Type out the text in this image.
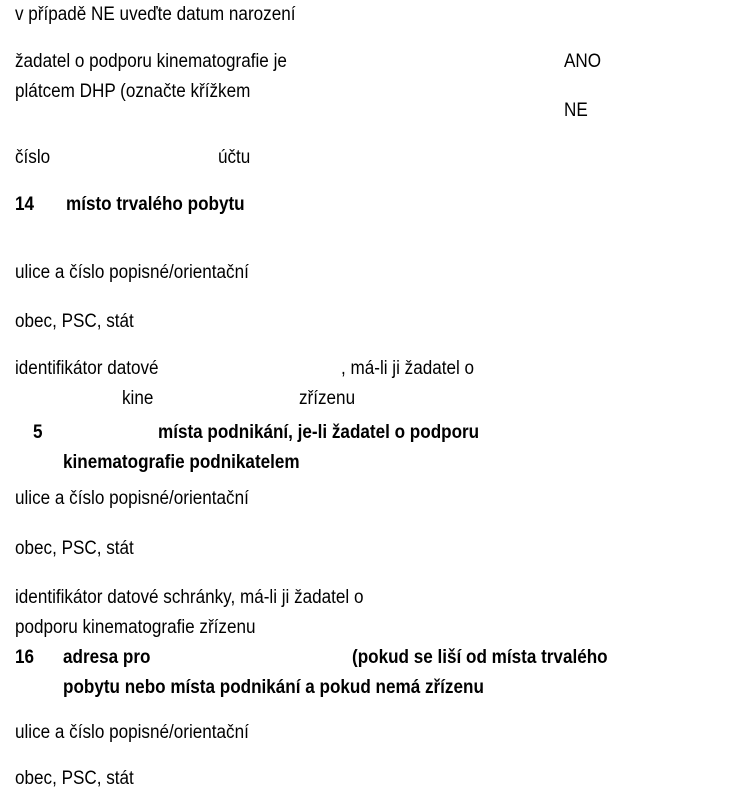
v případě NE uveďte datum narození
žadatel o podporu kinematografie je
plátcem DHP (označte křížkem
ANO
NE
číslo	účtu
14 místo trvalého pobytu
ulice a číslo popisné/orientační
obec, PSC, stát
identifikátor datové	, má-li ji žadatel o
kine	zřízenu
5	místa podnikání, je-li žadatel o podporu
kinematografie podnikatelem
ulice a číslo popisné/orientační
obec, PSC, stát
identifikátor datové schránky, má-li ji žadatel o
podporu kinematografie zřízenu
16 adresa pro	(pokud se liší od místa trvalého
pobytu nebo místa podnikání a pokud nemá zřízenu
ulice a číslo popisné/orientační
obec, PSC, stát
